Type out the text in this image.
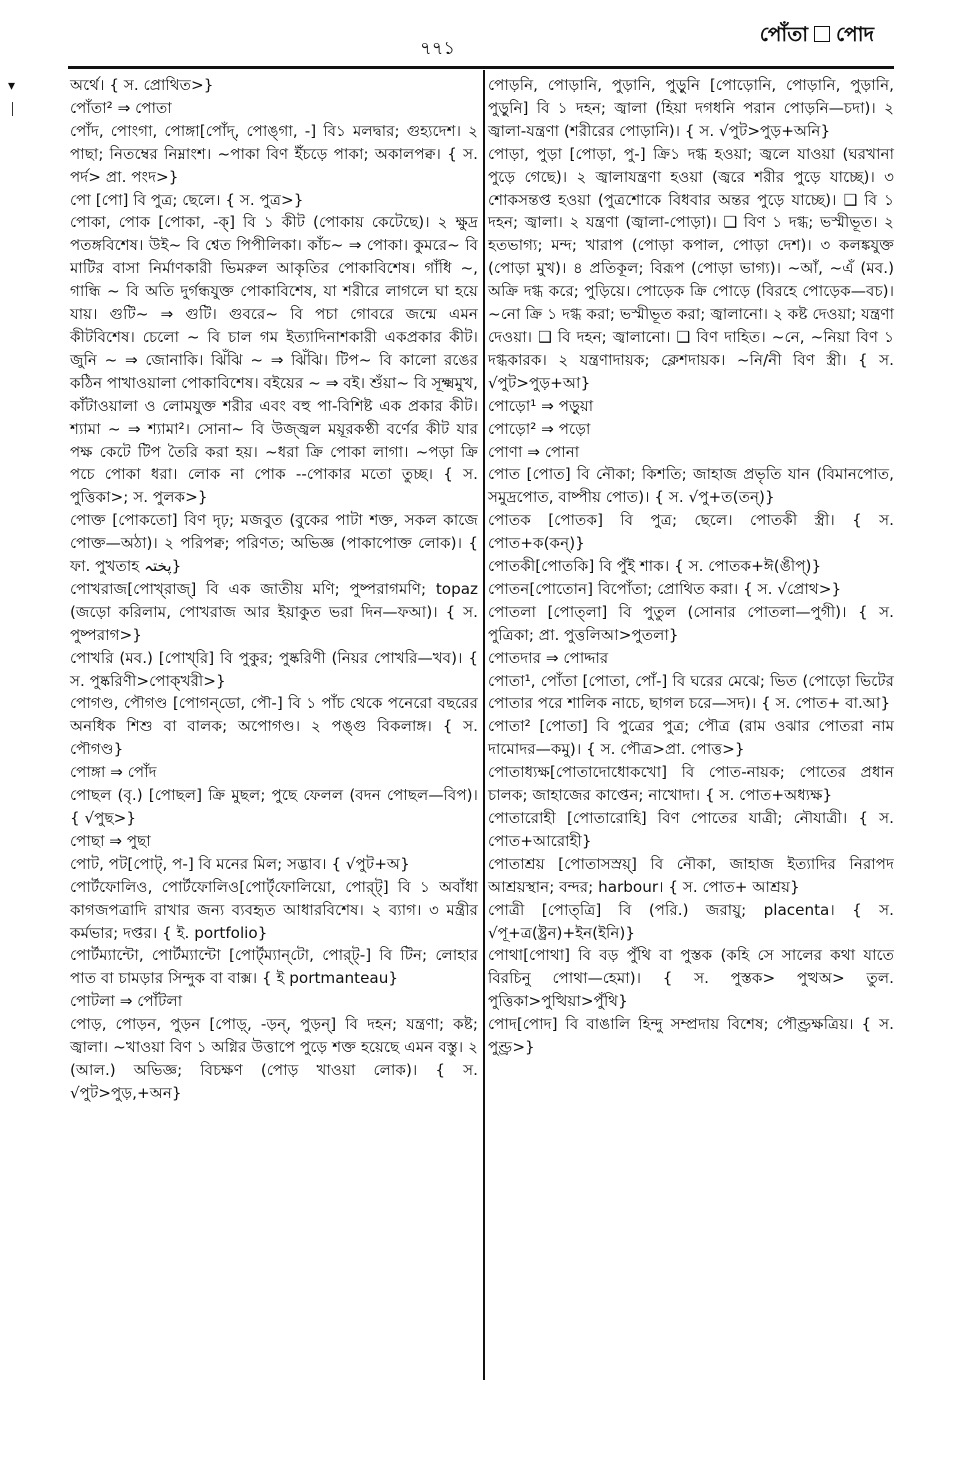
▾
৭৭১
পোঁতা পোদ

অর্থে। { স. প্রোথিত>}

পোঁতা² ⇒ পোতা

পোঁদ, পোংগা, পোঙ্গা[পোঁদ্, পোঙ্‌গা, -] বি১ মলদ্বার; গুহ্যদেশ। ২ পাছা; নিতম্বের নিম্নাংশ। ~পাকা বিণ ইঁচড়ে পাকা; অকালপক্ব। { স. পর্দ> প্রা. পংদ>}

পো [পো] বি পুত্র; ছেলে। { স. পুত্র>}

পোকা, পোক [পোকা, -ক্] বি ১ কীট (পোকায় কেটেছে)। ২ ক্ষুদ্র পতঙ্গবিশেষ। উই~ বি শ্বেত পিপীলিকা। কাঁচ~ ⇒ পোকা। কুমরে~ বি মাটির বাসা নির্মাণকারী ভিমরুল আকৃতির পোকাবিশেষ। গাঁধি ~, গান্ধি ~ বি অতি দুর্গন্ধযুক্ত পোকাবিশেষ, যা শরীরে লাগলে ঘা হয়ে যায়। গুটি~ ⇒ গুটি। গুবরে~ বি পচা গোবরে জন্মে এমন কীটবিশেষ। চেলো ~ বি চাল গম ইত্যাদিনাশকারী একপ্রকার কীট। জুনি ~ ⇒ জোনাকি। ঝিঁঝি ~ ⇒ ঝিঁঝি। টিপ~ বি কালো রঙের কঠিন পাখাওয়ালা পোকাবিশেষ। বইয়ের ~ ⇒ বই। শুঁয়া~ বি সূক্ষ্মমুখ, কাঁটাওয়ালা ও লোমযুক্ত শরীর এবং বহু পা-বিশিষ্ট এক প্রকার কীট। শ্যামা ~ ⇒ শ্যামা²। সোনা~ বি উজ্জ্বল ময়ূরকণ্ঠী বর্ণের কীট যার পক্ষ কেটে টিপ তৈরি করা হয়। ~ধরা ক্রি পোকা লাগা। ~পড়া ক্রি পচে পোকা ধরা। লোক না পোক --পোকার মতো তুচ্ছ। { স. পুত্তিকা>; স. পুলক>}

পোক্ত [পোকতো] বিণ দৃঢ়; মজবুত (বুকের পাটা শক্ত, সকল কাজে পোক্ত—অঠা)। ২ পরিপক্ব; পরিণত; অভিজ্ঞ (পাকাপোক্ত লোক)। { ফা. পুখতাহ پختہ}

পোখরাজ[পোখ্‌রাজ্] বি এক জাতীয় মণি; পুষ্পরাগমণি; topaz (জড়ো করিলাম, পোখরাজ আর ইয়াকুত ভরা দিন—ফআ)। { স. পুষ্পরাগ>}

পোখরি (মব.) [পোখ্‌রি] বি পুকুর; পুষ্করিণী (নিয়র পোখরি—খব)। { স. পুষ্করিণী>পোক্খরী>}

পোগণ্ড, পৌগণ্ড [পোগন্‌ডো, পৌ-] বি ১ পাঁচ থেকে পনেরো বছরের অনধিক শিশু বা বালক; অপোগণ্ড। ২ পঙ্গু বিকলাঙ্গ। { স. পৌগণ্ড}

পোঙ্গা ⇒ পোঁদ

পোছল (বৃ.) [পোছল] ক্রি মুছল; পুছে ফেলল (বদন পোছল—বিপ)। { √পুছ>}

পোছা ⇒ পুছা

পোট, পট[পোট্, প-] বি মনের মিল; সদ্ভাব। { √পুট+অ}

পোর্টফোলিও, পোর্টফোলিও[পোর্ট্‌ফোলিয়ো, পোর্‌ট্] বি ১ অবাঁধা কাগজপত্রাদি রাখার জন্য ব্যবহৃত আধারবিশেষ। ২ ব্যাগ। ৩ মন্ত্রীর কর্মভার; দপ্তর। { ই. portfolio}

পোর্টম্যান্টো, পোর্টম্যান্টো [পোর্ট্‌ম্যান্‌টো, পোর্‌ট্-] বি টিন; লোহার পাত বা চামড়ার সিন্দুক বা বাক্স। { ই portmanteau}

পোটলা ⇒ পোঁটলা

পোড়, পোড়ন, পুড়ন [পোড়্, -ড়ন্, পুড়ন্] বি দহন; যন্ত্রণা; কষ্ট; জ্বালা। ~খাওয়া বিণ ১ অগ্নির উত্তাপে পুড়ে শক্ত হয়েছে এমন বস্তু। ২ (আল.) অভিজ্ঞ; বিচক্ষণ (পোড় খাওয়া লোক)। { স. √পুট>পুড়,+অন}

পোড়নি, পোড়ানি, পুড়ানি, পুড়ুনি [পোড়োনি, পোড়ানি, পুড়ানি, পুড়ুনি] বি ১ দহন; জ্বালা (হিয়া দগধনি পরান পোড়নি—চদা)। ২ জ্বালা-যন্ত্রণা (শরীরের পোড়ানি)। { স. √পুট>পুড়+অনি}

পোড়া, পুড়া [পোড়া, পু-] ক্রি১ দগ্ধ হওয়া; জ্বলে যাওয়া (ঘরখানা পুড়ে গেছে)। ২ জ্বালাযন্ত্রণা হওয়া (জ্বরে শরীর পুড়ে যাচ্ছে)। ৩ শোকসন্তপ্ত হওয়া (পুত্রশোকে বিধবার অন্তর পুড়ে যাচ্ছে)। ❑ বি ১ দহন; জ্বালা। ২ যন্ত্রণা (জ্বালা-পোড়া)। ❑ বিণ ১ দগ্ধ; ভস্মীভূত। ২ হতভাগ্য; মন্দ; খারাপ (পোড়া কপাল, পোড়া দেশ)। ৩ কলঙ্কযুক্ত (পোড়া মুখ)। ৪ প্রতিকূল; বিরূপ (পোড়া ভাগ্য)। ~আঁ, ~এঁ (মব.) অক্রি দগ্ধ করে; পুড়িয়ে। পোড়েক ক্রি পোড়ে (বিরহে পোড়েক—বচ)। ~নো ক্রি ১ দগ্ধ করা; ভস্মীভূত করা; জ্বালানো। ২ কষ্ট দেওয়া; যন্ত্রণা দেওয়া। ❑ বি দহন; জ্বালানো। ❑ বিণ দাহিত। ~নে, ~নিয়া বিণ ১ দগ্ধকারক। ২ যন্ত্রণাদায়ক; ক্লেশদায়ক। ~নি/নী বিণ স্ত্রী। { স. √পুট>পুড়+আ}

পোড়ো¹ ⇒ পড়ুয়া

পোড়ো² ⇒ পড়ো

পোণা ⇒ পোনা

পোত [পোত] বি নৌকা; কিশতি; জাহাজ প্রভৃতি যান (বিমানপোত, সমুদ্রপোত, বাষ্পীয় পোত)। { স. √পু+ত(তন্)}

পোতক [পোতক] বি পুত্র; ছেলে। পোতকী স্ত্রী। { স. পোত+ক(কন্)}

পোতকী[পোতকি] বি পুঁই শাক। { স. পোতক+ঈ(ঙীপ্)}

পোতন[পোতোন] বিপোঁতা; প্রোথিত করা। { স. √প্রোথ>}

পোতলা [পোত্‌লা] বি পুতুল (সোনার পোতলা—পুগী)। { স. পুত্রিকা; প্রা. পুত্তলিআ>পুতলা}

পোতদার ⇒ পোদ্দার

পোতা¹, পোঁতা [পোতা, পোঁ-] বি ঘরের মেঝে; ভিত (পোড়ো ভিটের পোতার পরে শালিক নাচে, ছাগল চরে—সদ)। { স. পোত+ বা.আ}

পোতা² [পোতা] বি পুত্রের পুত্র; পৌত্র (রাম ওঝার পোতরা নাম দামোদর—কমু)। { স. পৌত্র>প্রা. পোত্ত>}

পোতাধ্যক্ষ[পোতাদোধোকখো] বি পোত-নায়ক; পোতের প্রধান চালক; জাহাজের কাপ্তেন; নাখোদা। { স. পোত+অধ্যক্ষ}

পোতারোহী [পোতারোহি] বিণ পোতের যাত্রী; নৌযাত্রী। { স. পোত+আরোহী}

পোতাশ্রয় [পোতাসস্রয়্] বি নৌকা, জাহাজ ইত্যাদির নিরাপদ আশ্রয়স্থান; বন্দর; harbour। { স. পোত+ আশ্রয়}

পোত্রী [পোত্‌ত্রি] বি (পরি.) জরায়ু; placenta। { স. √পূ+ত্র(ষ্ট্রন)+ইন(ইনি)}

পোথা[পোথা] বি বড় পুঁথি বা পুস্তক (কহি সে সালের কথা যাতে বিরচিনু পোথা—হেমা)। { স. পুস্তক> পুত্থঅ> তুল. পুত্তিকা>পুত্থিয়া>পুঁথি}

পোদ[পোদ] বি বাঙালি হিন্দু সম্প্রদায় বিশেষ; পৌণ্ড্রক্ষত্রিয়। { স. পুণ্ড্র>}
